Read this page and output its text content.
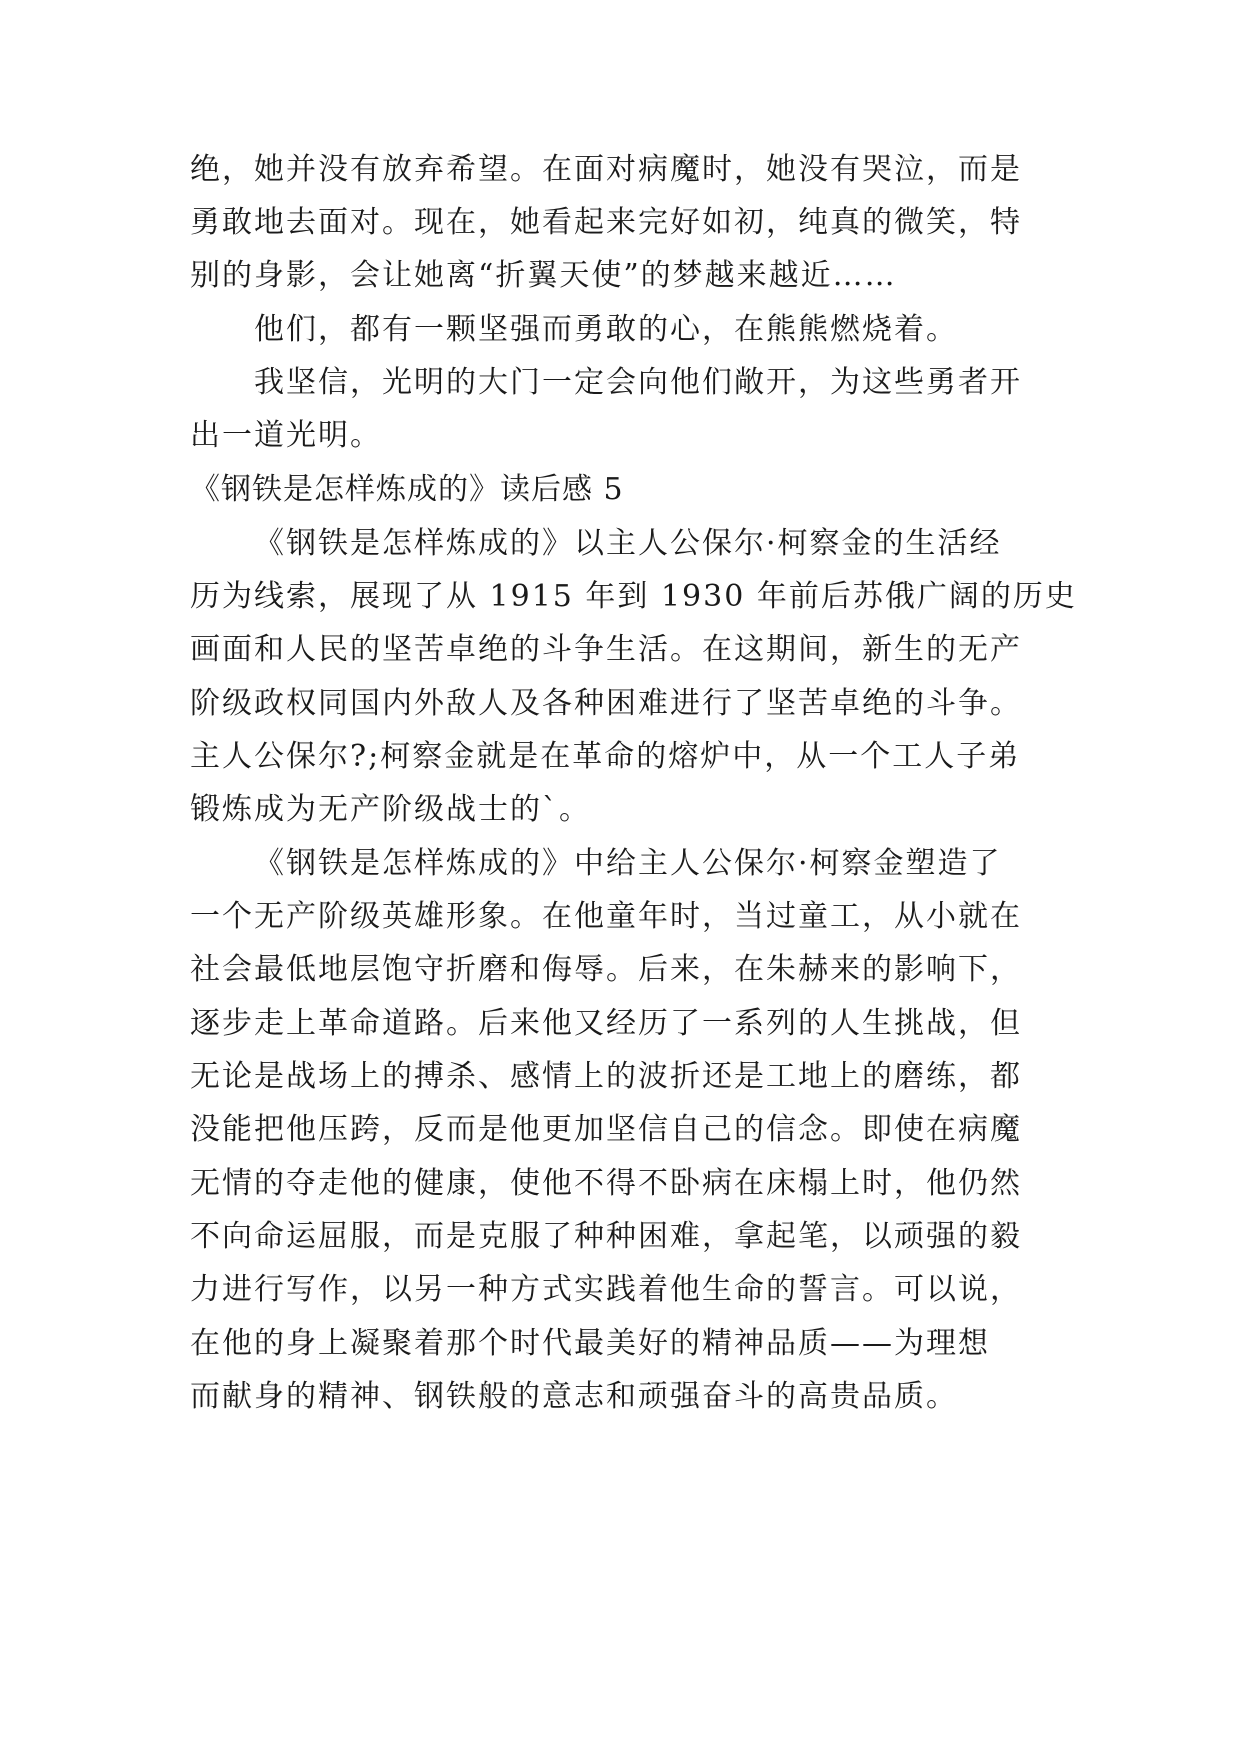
绝，她并没有放弃希望。在面对病魔时，她没有哭泣，而是
勇敢地去面对。现在，她看起来完好如初，纯真的微笑，特
别的身影，会让她离“折翼天使”的梦越来越近……
他们，都有一颗坚强而勇敢的心，在熊熊燃烧着。
我坚信，光明的大门一定会向他们敞开，为这些勇者开
出一道光明。
《钢铁是怎样炼成的》读后感 5
《钢铁是怎样炼成的》以主人公保尔·柯察金的生活经
历为线索，展现了从 1915 年到 1930 年前后苏俄广阔的历史
画面和人民的坚苦卓绝的斗争生活。在这期间，新生的无产
阶级政权同国内外敌人及各种困难进行了坚苦卓绝的斗争。
主人公保尔?;柯察金就是在革命的熔炉中，从一个工人子弟
锻炼成为无产阶级战士的`。
《钢铁是怎样炼成的》中给主人公保尔·柯察金塑造了
一个无产阶级英雄形象。在他童年时，当过童工，从小就在
社会最低地层饱守折磨和侮辱。后来，在朱赫来的影响下，
逐步走上革命道路。后来他又经历了一系列的人生挑战，但
无论是战场上的搏杀、感情上的波折还是工地上的磨练，都
没能把他压跨，反而是他更加坚信自己的信念。即使在病魔
无情的夺走他的健康，使他不得不卧病在床榻上时，他仍然
不向命运屈服，而是克服了种种困难，拿起笔，以顽强的毅
力进行写作，以另一种方式实践着他生命的誓言。可以说，
在他的身上凝聚着那个时代最美好的精神品质——为理想
而献身的精神、钢铁般的意志和顽强奋斗的高贵品质。
